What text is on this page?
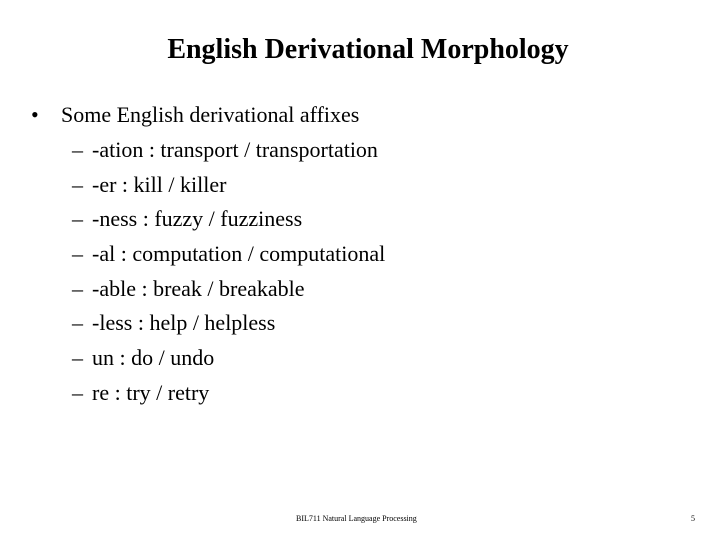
English Derivational Morphology
• Some English derivational affixes
– -ation : transport / transportation
– -er : kill / killer
– -ness : fuzzy / fuzziness
– -al : computation / computational
– -able : break / breakable
– -less : help / helpless
– un : do / undo
– re : try / retry
BIL711 Natural Language Processing	5
